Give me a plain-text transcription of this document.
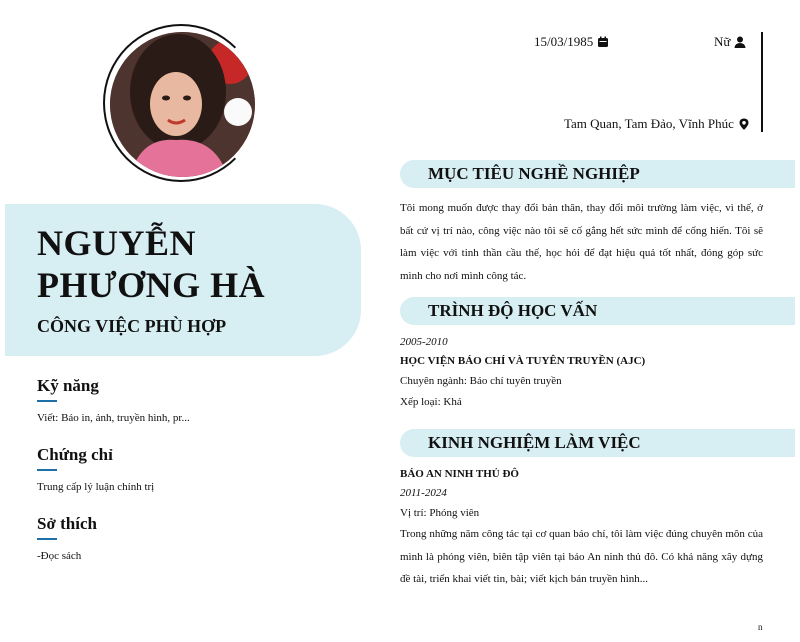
NGUYỄN
PHƯƠNG HÀ
CÔNG VIỆC PHÙ HỢP
Kỹ năng
Viết: Báo in, ảnh, truyền hình, pr...
Chứng chỉ
Trung cấp lý luận chính trị
Sở thích
-Đọc sách
15/03/1985	Nữ
Tam Quan, Tam Đảo, Vĩnh Phúc
MỤC TIÊU NGHỀ NGHIỆP
Tôi mong muốn được thay đổi bản thân, thay đổi môi trường làm việc, vì thế, ở bất cứ vị trí nào, công việc nào tôi sẽ cố gắng hết sức mình để cống hiến. Tôi sẽ làm việc với tinh thần cầu thế, học hỏi để đạt hiệu quả tốt nhất, đóng góp sức mình cho nơi mình công tác.
TRÌNH ĐỘ HỌC VẤN
2005-2010
HỌC VIỆN BÁO CHÍ VÀ TUYÊN TRUYỀN (AJC)
Chuyên ngành: Báo chí tuyên truyền
Xếp loại: Khá
KINH NGHIỆM LÀM VIỆC
BÁO AN NINH THỦ ĐÔ
2011-2024
Vị trí: Phóng viên
Trong những năm công tác tại cơ quan báo chí, tôi làm việc đúng chuyên môn của mình là phóng viên, biên tập viên tại báo An ninh thủ đô. Có khả năng xây dựng đề tài, triển khai viết tin, bài; viết kịch bản truyền hình...
n
